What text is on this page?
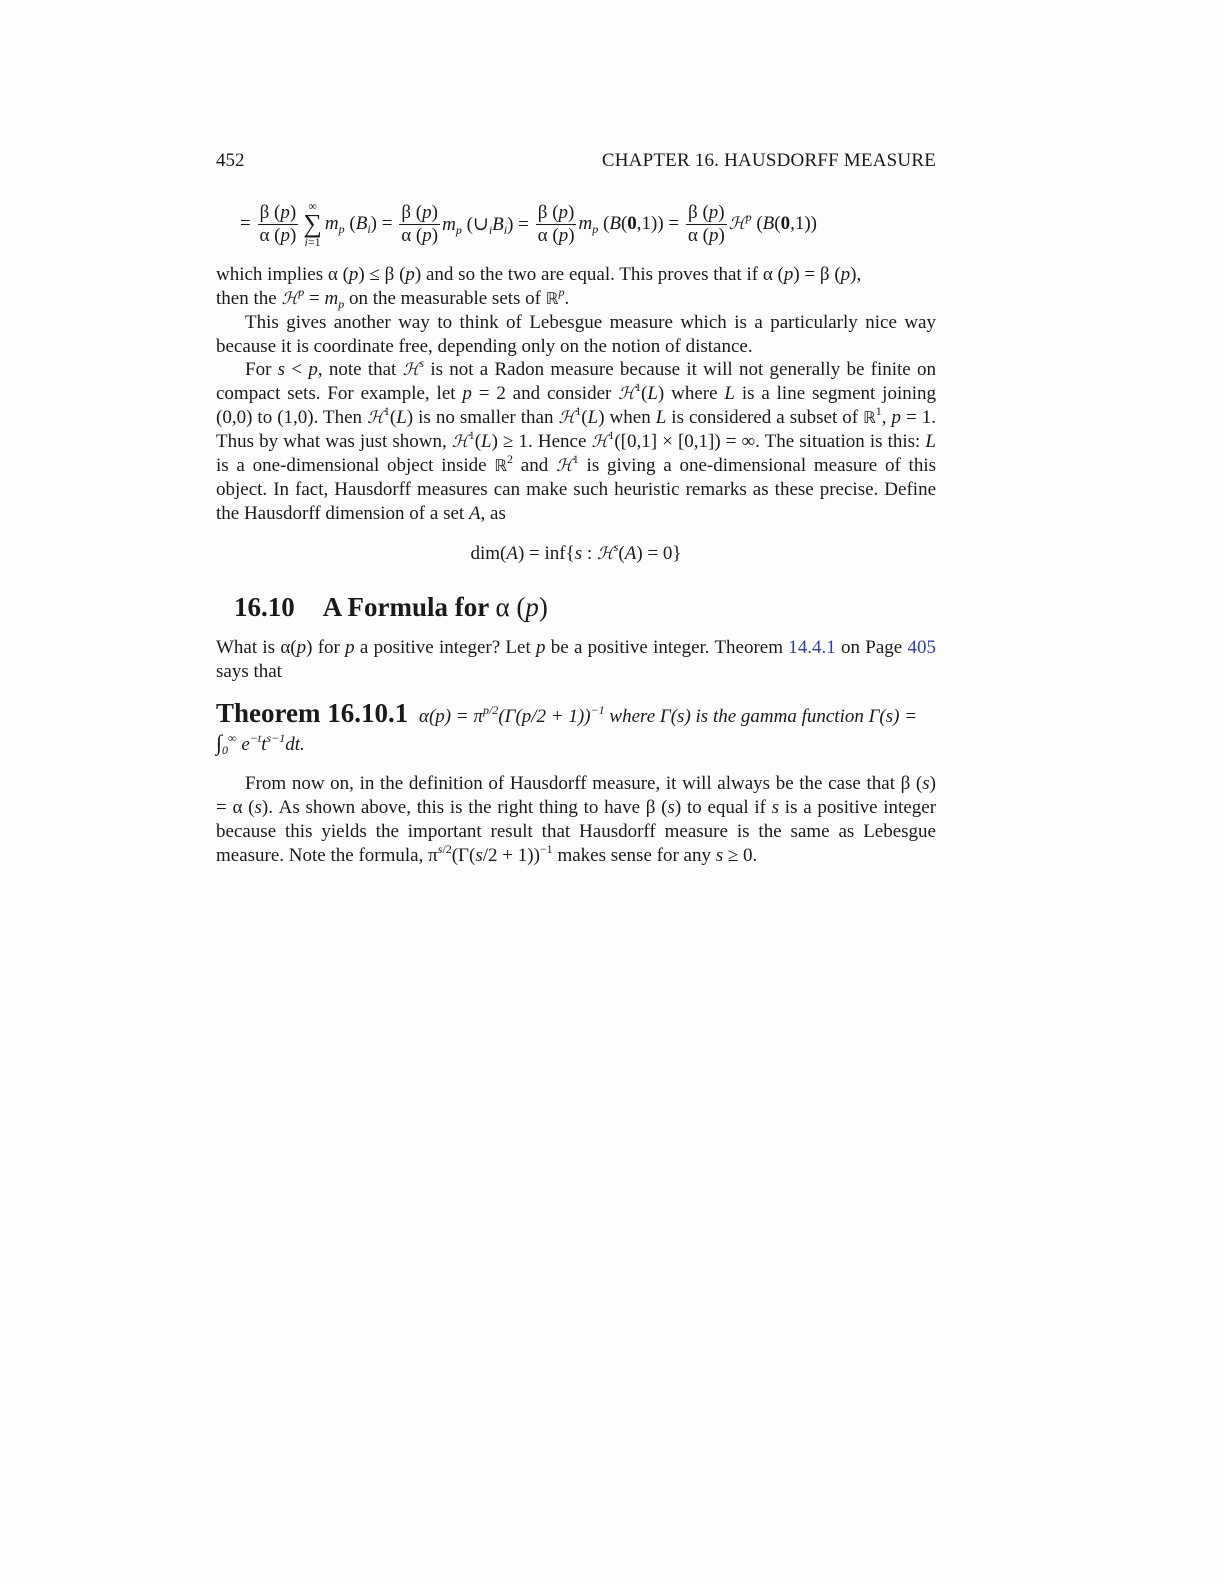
452	CHAPTER 16. HAUSDORFF MEASURE
= $\frac{\beta (p)}{\alpha (p)}$ ∞
∑
i=1
$m_p$ $(B_i) = \frac{\beta (p)}{\alpha (p)} m_p$ $(\cup_iB_i) = \frac{\beta (p)}{\alpha (p)} m_p$ $(B(0,1)) = \frac{\beta (p)}{\alpha (p)}$ ℋ$^p$ (B(0,1))

which implies α (p) ≤ β (p) and so the two are equal. This proves that if α (p) = β (p),
then the ℋ$^p$ = $m_p$ on the measurable sets of ℝ$^p$.

This gives another way to think of Lebesgue measure which is a particularly nice way because it is coordinate free, depending only on the notion of distance.

For s < p, note that ℋ$^s$ is not a Radon measure because it will not generally be finite on compact sets. For example, let p = 2 and consider ℋ$^1$(L) where L is a line segment joining (0,0) to (1,0). Then ℋ$^1$(L) is no smaller than ℋ$^1$(L) when L is considered a subset of ℝ$^1$, p = 1. Thus by what was just shown, ℋ$^1$(L) ≥ 1. Hence ℋ$^1$([0,1] × [0,1]) = ∞. The situation is this: L is a one-dimensional object inside ℝ$^2$ and ℋ$^1$ is giving a one-dimensional measure of this object. In fact, Hausdorff measures can make such heuristic remarks as these precise. Define the Hausdorff dimension of a set A, as

dim(A) = inf{s : ℋ$^s$(A) = 0}
16.10 A Formula for α (p)

What is α(p) for p a positive integer? Let p be a positive integer. Theorem 14.4.1 on Page 405 says that

Theorem 16.10.1 $\alpha(p) = \pi^{p/2}(\Gamma(p/2 + 1))^{-1}$ where Γ(s) is the gamma function $\Gamma(s) = \int_0^\infty$ $e^{-t}t^{s-1}dt$.

From now on, in the definition of Hausdorff measure, it will always be the case that β (s) = α (s). As shown above, this is the right thing to have β (s) to equal if s is a positive integer because this yields the important result that Hausdorff measure is the same as Lebesgue measure. Note the formula, $\pi^{s/2}(\Gamma(s/2 + 1))^{-1}$ makes sense for any s ≥ 0.
